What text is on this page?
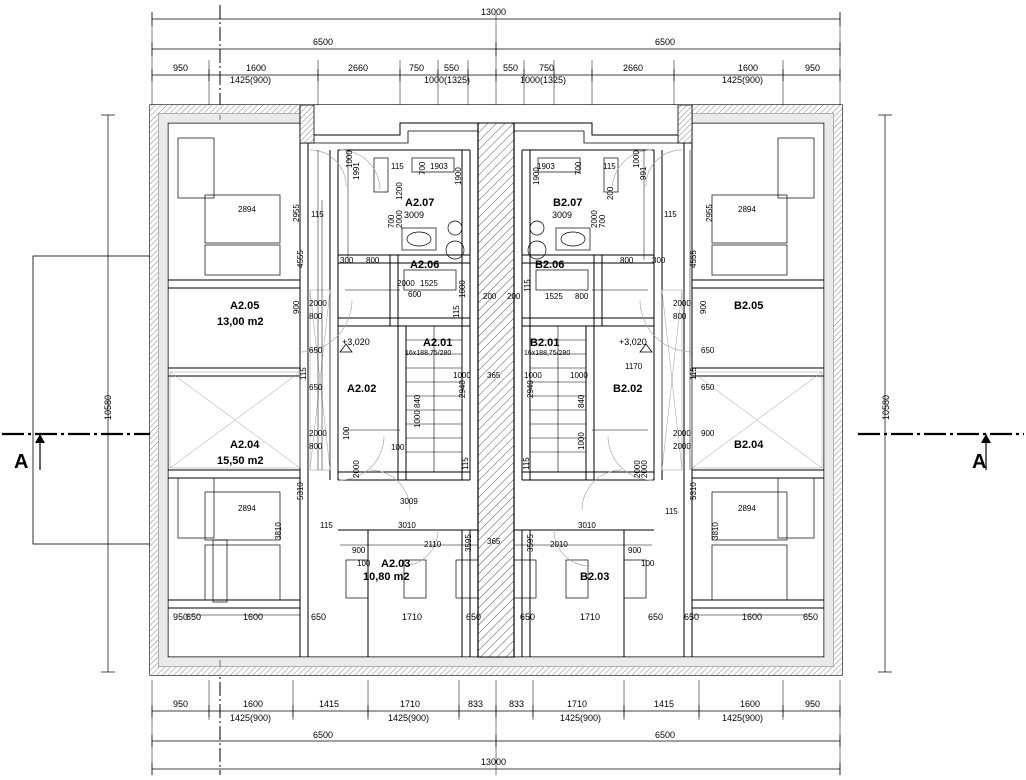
13000
6500	6500
950	1600	2660	750 550	550 750	2660	1600	950
1425(900)	1000(1325)	1000(1325)	1425(900)
950
650	1600	650	1710	650	650	1710	650 650	1600	650
950	1600	1415	1710	833	833	1710	1415	1600	950
1425(900)	1425(900)	1425(900)	1425(900)
6500	6500
13000
10580	10580
A	A
A2.07
3009
A2.06
A2.05
13,00 m2
A2.01
16x188,75/280
A2.02
A2.04
15,50 m2
A2.03
10,80 m2
B2.07
3009
B2.06
B2.05
B2.01
16x188,75/280
B2.02
B2.04
B2.03
+3,020	+3,020
2894	2955 115
4555
1991
1000	115 700 1903
1200
1900
2000
700
300 800
2000 1525	1000
600
115
200
900 2000
800
650
115
650
840
1000 365	1000
2940
1000
2000
800
100
100
115
2000
3009
3010
2894
5310
3810	115
900
100
2110	3595 365
1170
2894
2955
115
4555
991
1000
115
700
1903
1900
200
700
2000
800 300
115
1525 800
200
900
2000
800
650
115
650
840
1000
2940
1000	2000 900
2000
115	2000
2000
3010
2894
5310
3810
900
100
2010
3595
115
